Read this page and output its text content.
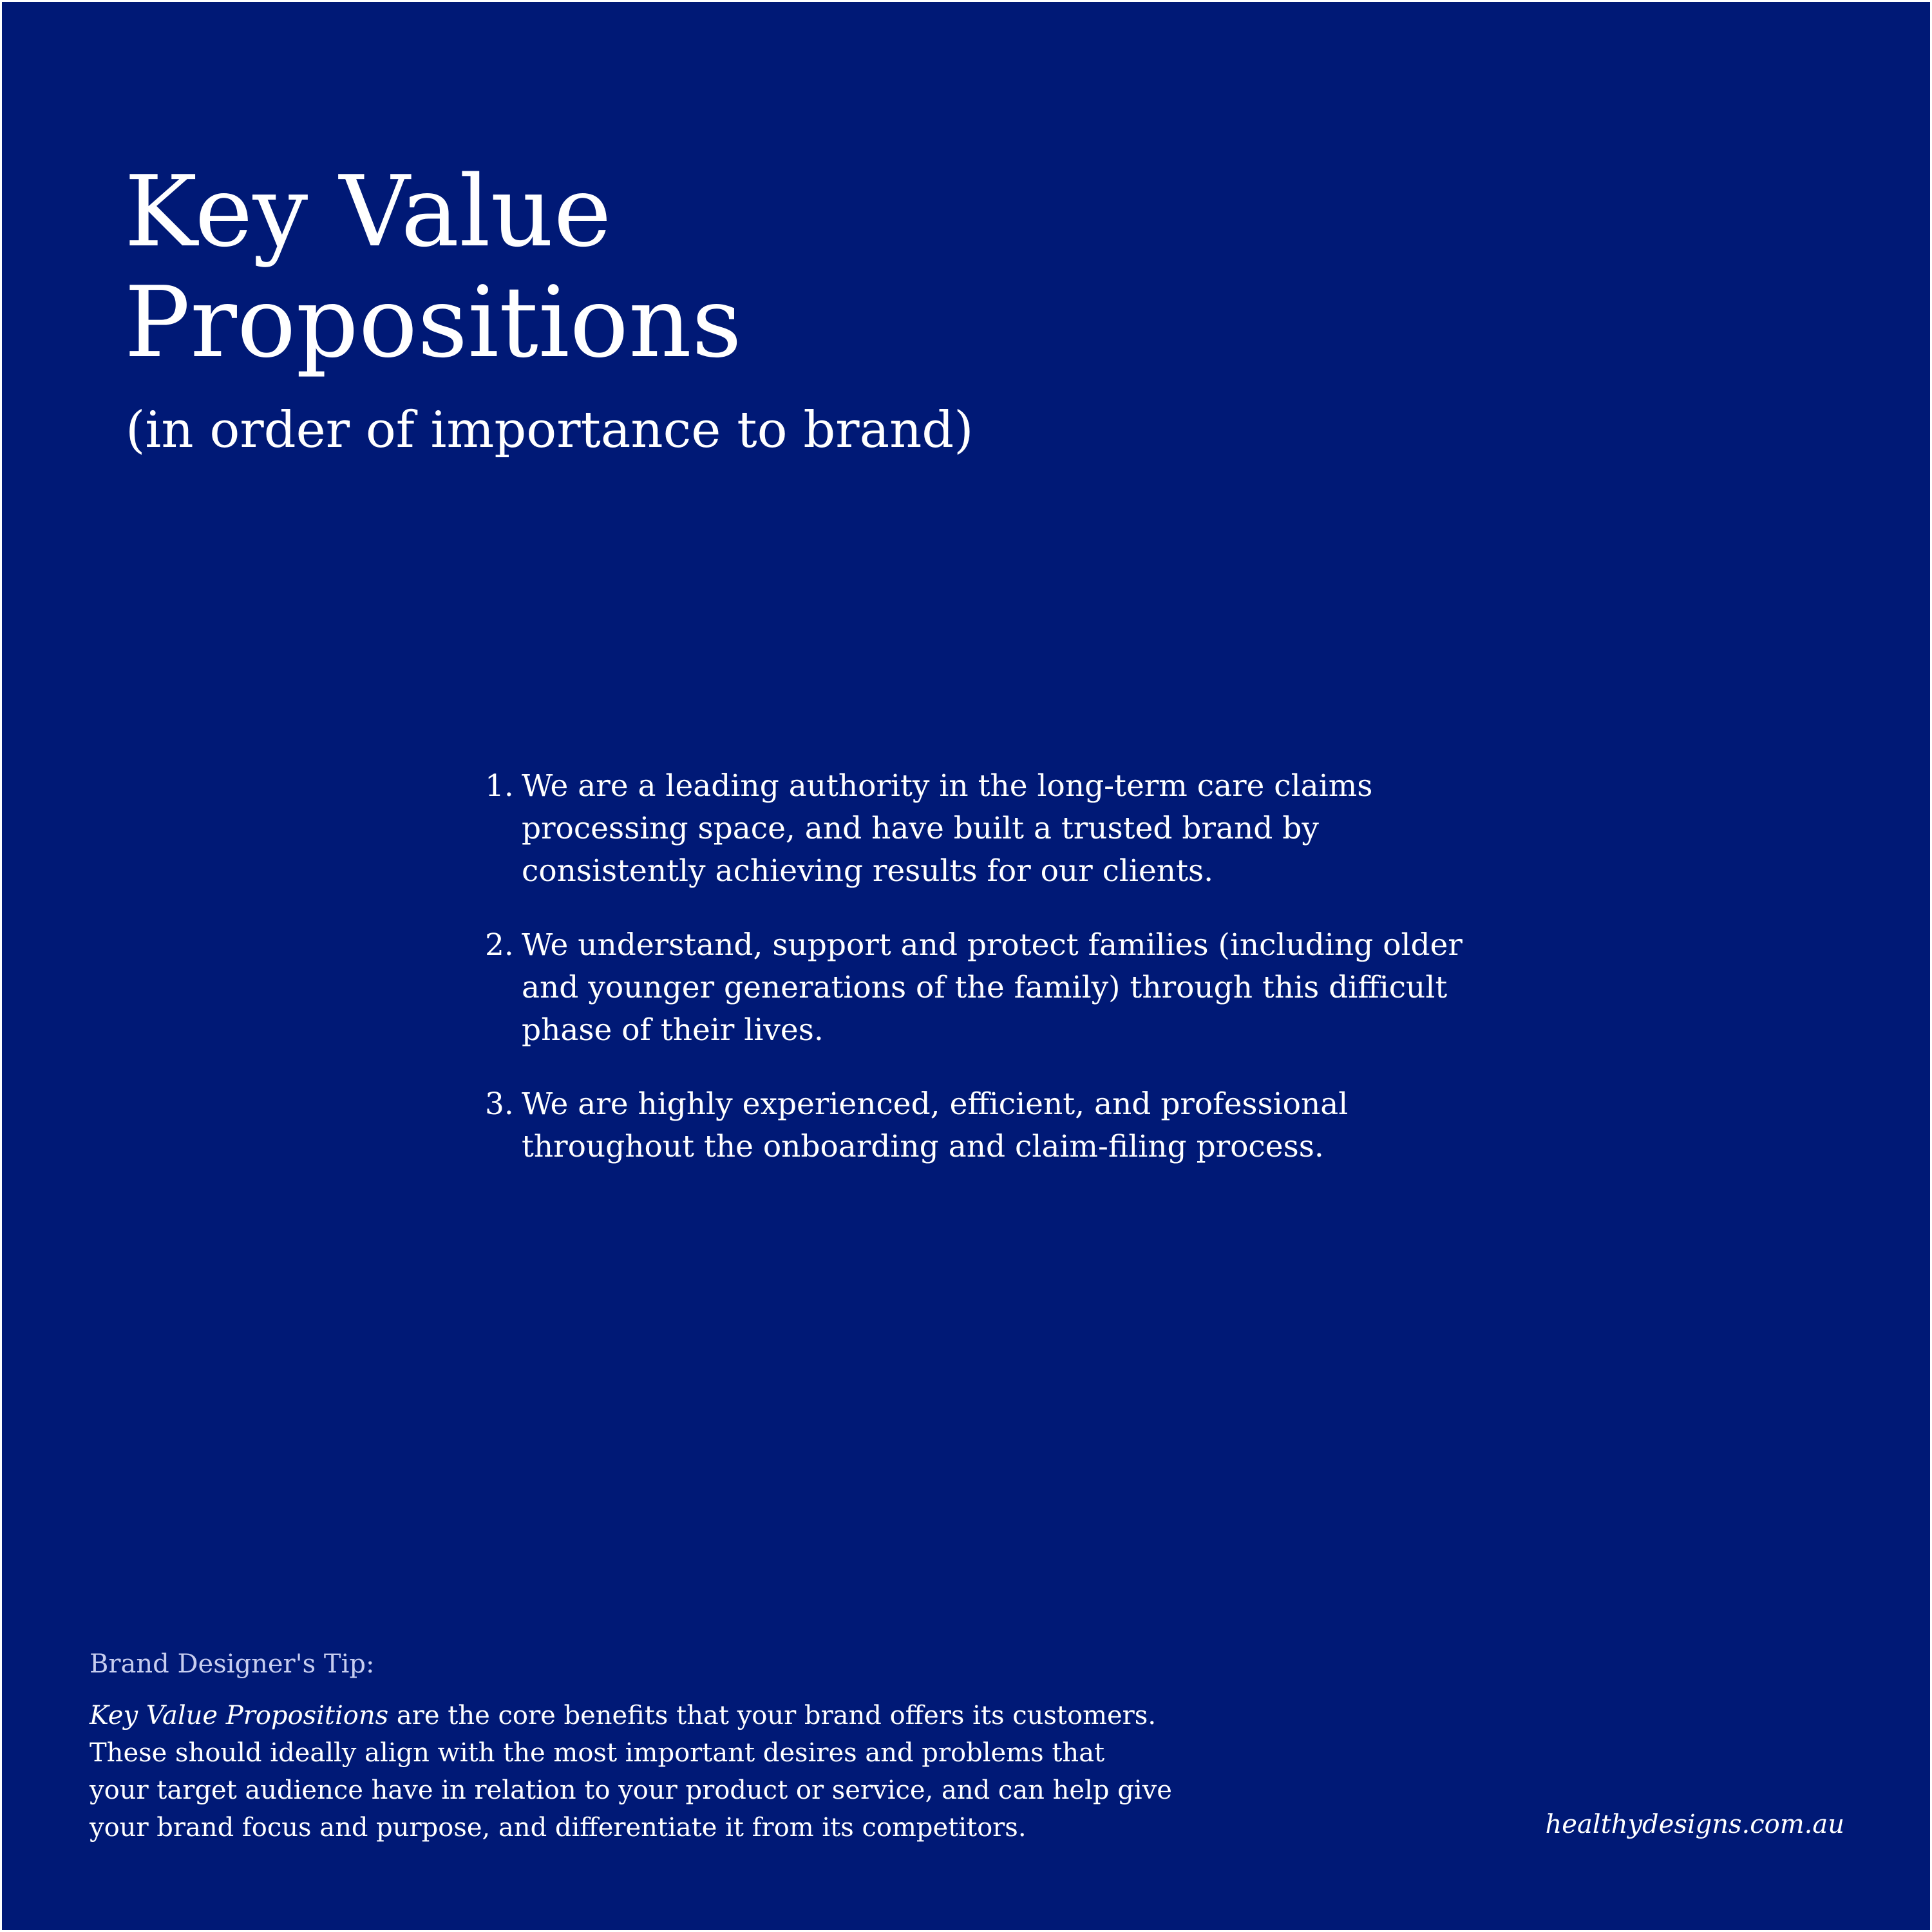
Key Value
Propositions

(in order of importance to brand)

1. We are a leading authority in the long-term care claims
processing space, and have built a trusted brand by
consistently achieving results for our clients.
2. We understand, support and protect families (including older
and younger generations of the family) through this difficult
phase of their lives.
3. We are highly experienced, efficient, and professional
throughout the onboarding and claim-filing process.

Brand Designer's Tip:

Key Value Propositions are the core benefits that your brand offers its customers.
These should ideally align with the most important desires and problems that
your target audience have in relation to your product or service, and can help give
your brand focus and purpose, and differentiate it from its competitors.	healthydesigns.com.au
